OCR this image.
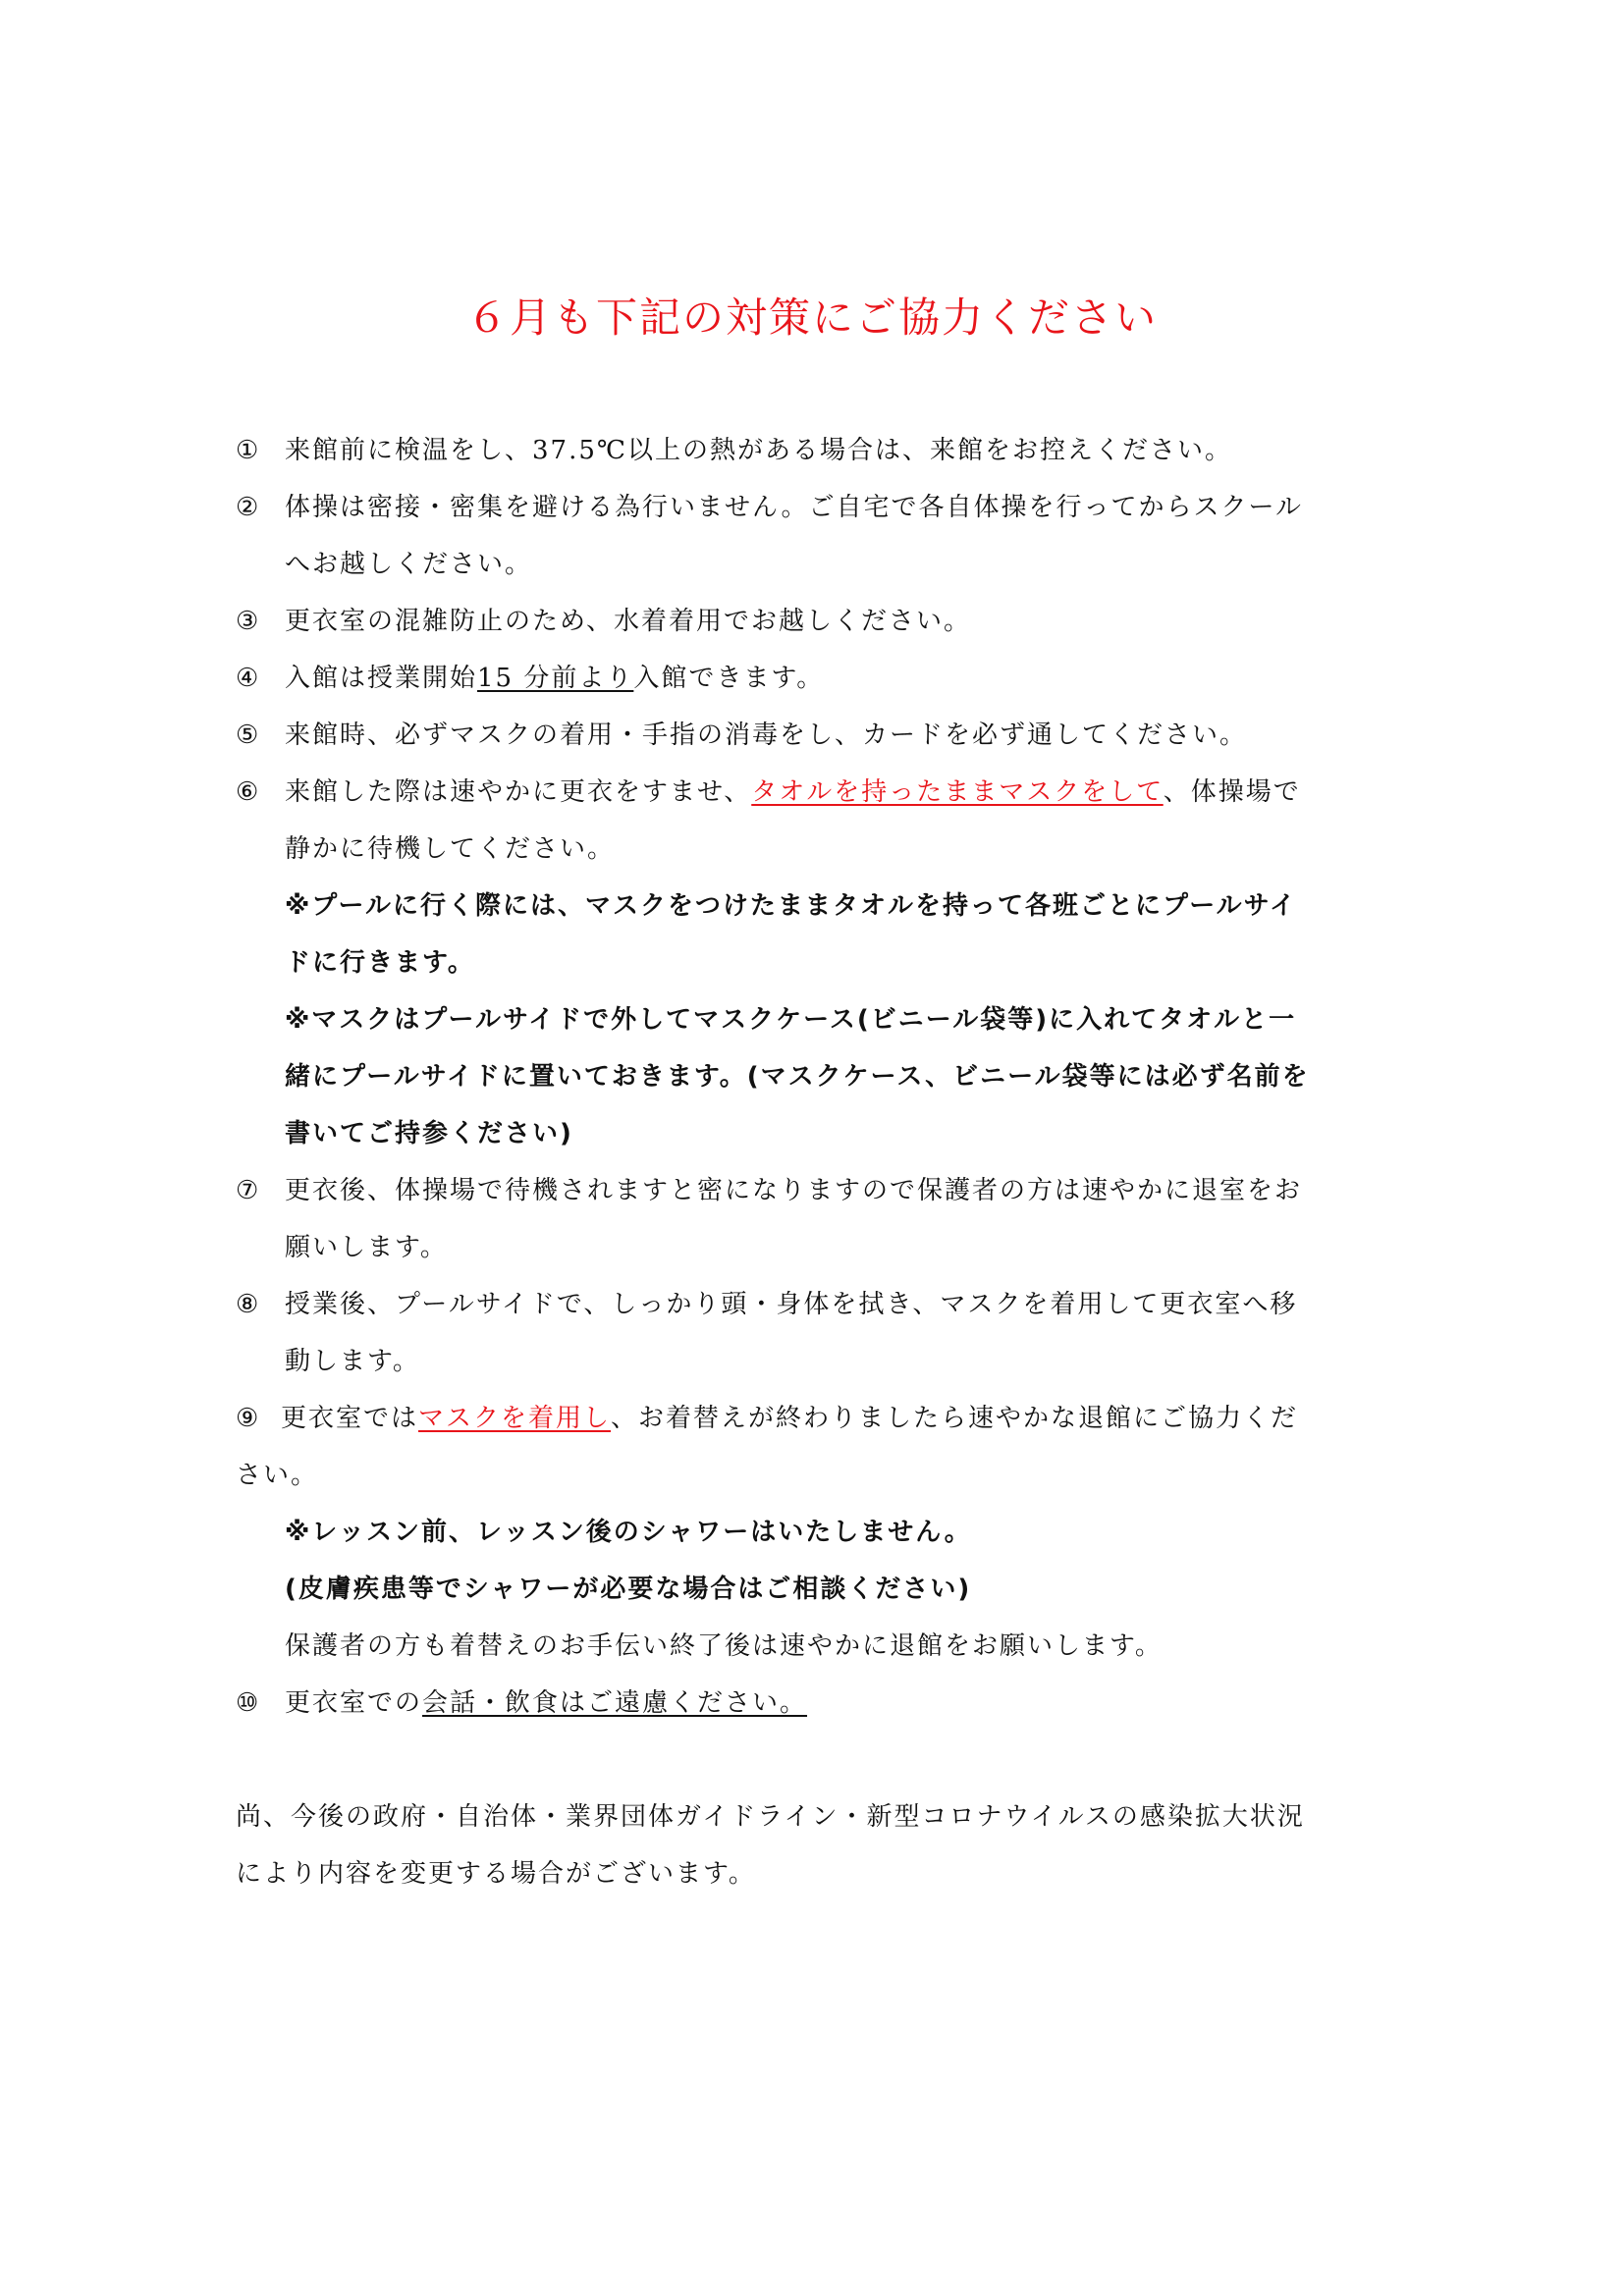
６月も下記の対策にご協力ください
① 来館前に検温をし、37.5℃以上の熱がある場合は、来館をお控えください。
② 体操は密接・密集を避ける為行いません。ご自宅で各自体操を行ってからスクール
へお越しください。
③ 更衣室の混雑防止のため、水着着用でお越しください。
④ 入館は授業開始15 分前より入館できます。
⑤ 来館時、必ずマスクの着用・手指の消毒をし、カードを必ず通してください。
⑥ 来館した際は速やかに更衣をすませ、タオルを持ったままマスクをして、体操場で
静かに待機してください。
※プールに行く際には、マスクをつけたままタオルを持って各班ごとにプールサイ
ドに行きます。
※マスクはプールサイドで外してマスクケース(ビニール袋等)に入れてタオルと一
緒にプールサイドに置いておきます。(マスクケース、ビニール袋等には必ず名前を
書いてご持参ください)
⑦ 更衣後、体操場で待機されますと密になりますので保護者の方は速やかに退室をお
願いします。
⑧ 授業後、プールサイドで、しっかり頭・身体を拭き、マスクを着用して更衣室へ移
動します。
⑨ 更衣室ではマスクを着用し、お着替えが終わりましたら速やかな退館にご協力くだ
さい。
※レッスン前、レッスン後のシャワーはいたしません。
(皮膚疾患等でシャワーが必要な場合はご相談ください)
保護者の方も着替えのお手伝い終了後は速やかに退館をお願いします。
⑩ 更衣室での会話・飲食はご遠慮ください。
尚、今後の政府・自治体・業界団体ガイドライン・新型コロナウイルスの感染拡大状況
により内容を変更する場合がございます。
